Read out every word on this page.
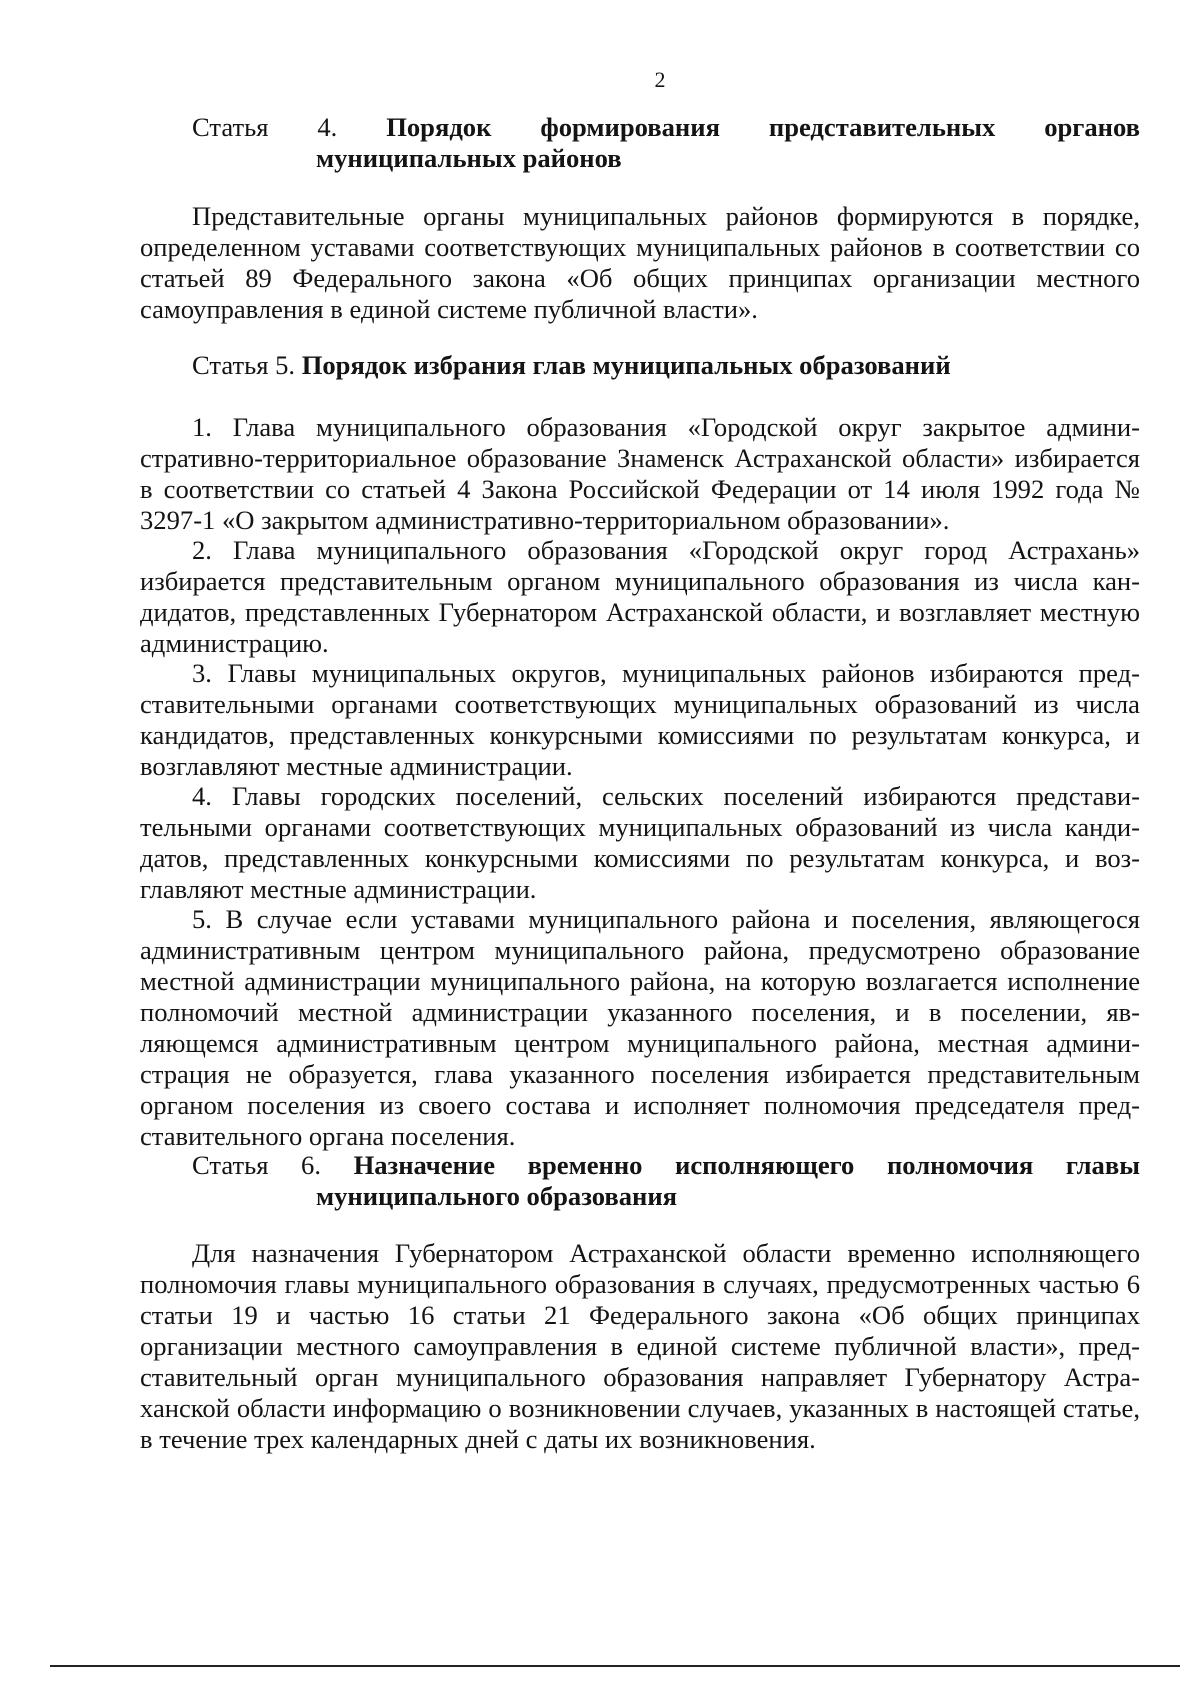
2
Статья 4. Порядок формирования представительных органов
муниципальных районов

Представительные органы муниципальных районов формируются в порядке, определенном уставами соответствующих муниципальных районов в соответствии со статьей 89 Федерального закона «Об общих принципах организации местного самоуправления в единой системе публичной власти».

Статья 5. Порядок избрания глав муниципальных образований

1. Глава муниципального образования «Городской округ закрытое административно-территориальное образование Знаменск Астраханской области» избирается в соответствии со статьей 4 Закона Российской Федерации от 14 июля 1992 года № 3297-1 «О закрытом административно-территориальном образовании».

2. Глава муниципального образования «Городской округ город Астрахань» избирается представительным органом муниципального образования из числа кандидатов, представленных Губернатором Астраханской области, и возглавляет местную администрацию.

3. Главы муниципальных округов, муниципальных районов избираются представительными органами соответствующих муниципальных образований из числа кандидатов, представленных конкурсными комиссиями по результатам конкурса, и возглавляют местные администрации.

4. Главы городских поселений, сельских поселений избираются представительными органами соответствующих муниципальных образований из числа кандидатов, представленных конкурсными комиссиями по результатам конкурса, и возглавляют местные администрации.

5. В случае если уставами муниципального района и поселения, являющегося административным центром муниципального района, предусмотрено образование местной администрации муниципального района, на которую возлагается исполнение полномочий местной администрации указанного поселения, и в поселении, являющемся административным центром муниципального района, местная администрация не образуется, глава указанного поселения избирается представительным органом поселения из своего состава и исполняет полномочия председателя представительного органа поселения.

Статья 6. Назначение временно исполняющего полномочия главы
муниципального образования

Для назначения Губернатором Астраханской области временно исполняющего полномочия главы муниципального образования в случаях, предусмотренных частью 6 статьи 19 и частью 16 статьи 21 Федерального закона «Об общих принципах организации местного самоуправления в единой системе публичной власти», представительный орган муниципального образования направляет Губернатору Астраханской области информацию о возникновении случаев, указанных в настоящей статье, в течение трех календарных дней с даты их возникновения.
